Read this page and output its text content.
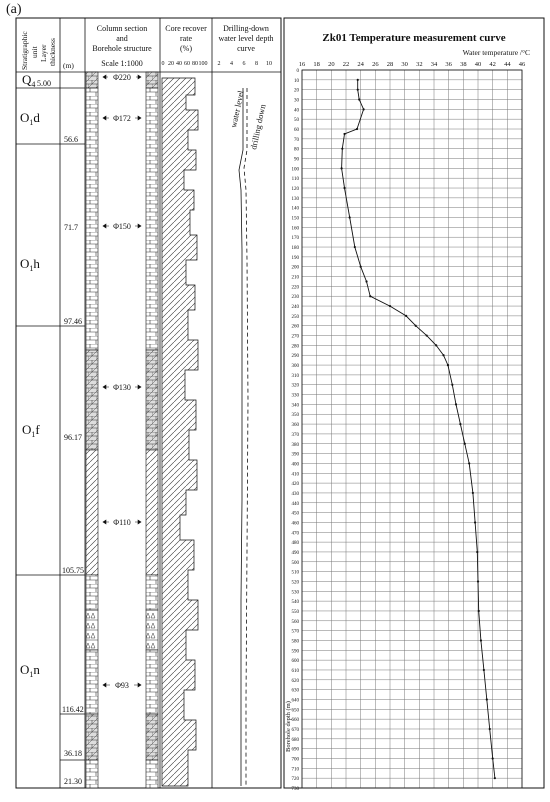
(a)
Stratigraphic unit Layer thickness (m)
Column section
and
Borehole structure
Scale 1:1000
Core recover
rate
(%)
0 20 40 60 80 100
Drilling-down
water level depth
curve
2 4 6 8 10
$Q_4$
$O_1d$
$O_1h$
$O_1f$
$O_1n$
5.00
56.6
71.7
97.46
96.17
105.75
116.42
36.18
21.30
Φ220
Φ172
Φ150
Φ130
Φ110
Φ93
water level drilling down
Zk01 Temperature measurement curve
Water temperature /°C
Borehole depth (m)
16 18 20 22 24 26 28 30 32 34 36 38 40 42 44 46
0
10
20
30
40
50
60
70
80
90
100
110
120
130
140
150
160
170
180
190
200
210
220
230
240
250
260
270
280
290
300
310
320
330
340
350
360
370
380
390
400
410
420
430
440
450
460
470
480
490
500
510
520
530
540
550
560
570
580
590
600
610
620
630
640
650
660
670
680
690
700
710
720
730
